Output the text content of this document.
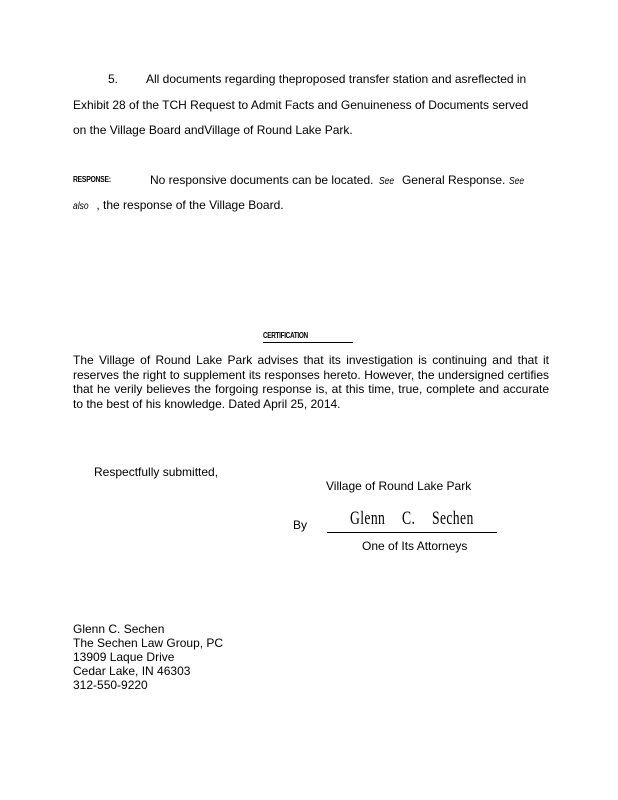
5. All documents regarding theproposed transfer station and asreflected in
Exhibit 28 of the TCH Request to Admit Facts and Genuineness of Documents served
on the Village Board andVillage of Round Lake Park.
RESPONSE:	No responsive documents can be located. See General Response. See
also , the response of the Village Board.
CERTIFICATION
The Village of Round Lake Park advises that its investigation is continuing and that it reserves the right to supplement its responses hereto. However, the undersigned certifies that he verily believes the forgoing response is, at this time, true, complete and accurate to the best of his knowledge. Dated April 25, 2014.
Respectfully submitted,
Village of Round Lake Park
By Glenn C. Sechen
One of Its Attorneys
Glenn C. Sechen
The Sechen Law Group, PC
13909 Laque Drive
Cedar Lake, IN 46303
312-550-9220
